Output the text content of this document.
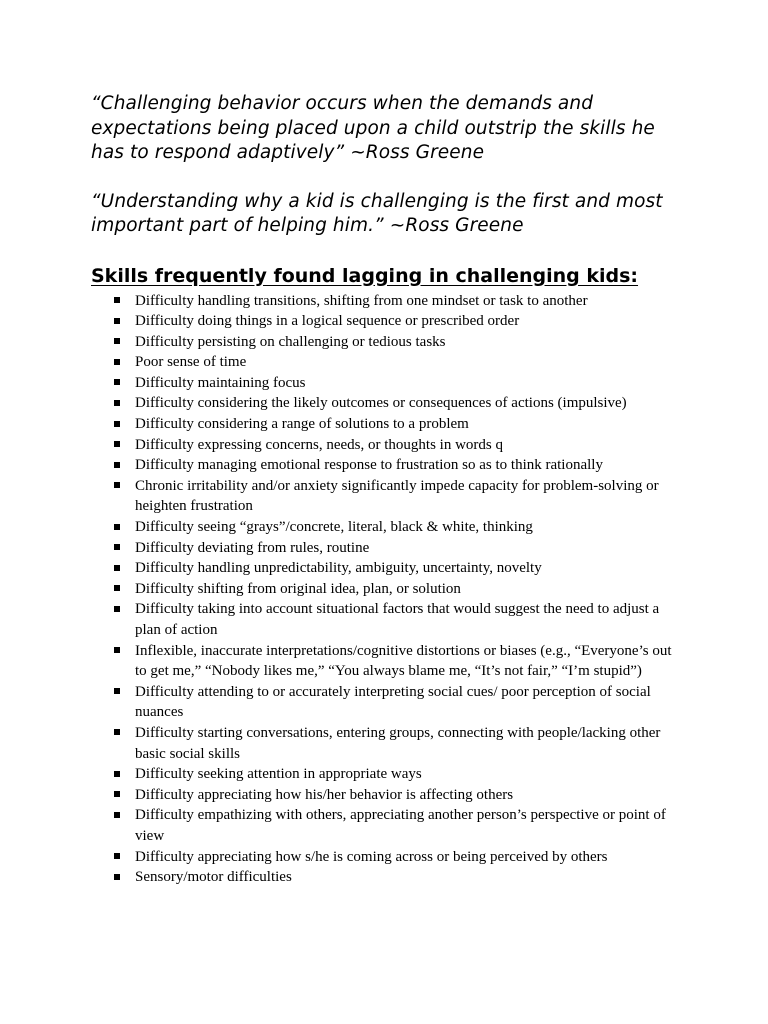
“Challenging behavior occurs when the demands and expectations being placed upon a child outstrip the skills he has to respond adaptively” ~Ross Greene

“Understanding why a kid is challenging is the first and most important part of helping him.” ~Ross Greene

Skills frequently found lagging in challenging kids:
Difficulty handling transitions, shifting from one mindset or task to another
Difficulty doing things in a logical sequence or prescribed order
Difficulty persisting on challenging or tedious tasks
Poor sense of time
Difficulty maintaining focus
Difficulty considering the likely outcomes or consequences of actions (impulsive)
Difficulty considering a range of solutions to a problem
Difficulty expressing concerns, needs, or thoughts in words q
Difficulty managing emotional response to frustration so as to think rationally
Chronic irritability and/or anxiety significantly impede capacity for problem-solving or heighten frustration
Difficulty seeing “grays”/concrete, literal, black & white, thinking
Difficulty deviating from rules, routine
Difficulty handling unpredictability, ambiguity, uncertainty, novelty
Difficulty shifting from original idea, plan, or solution
Difficulty taking into account situational factors that would suggest the need to adjust a plan of action
Inflexible, inaccurate interpretations/cognitive distortions or biases (e.g., “Everyone’s out to get me,” “Nobody likes me,” “You always blame me, “It’s not fair,” “I’m stupid”)
Difficulty attending to or accurately interpreting social cues/ poor perception of social nuances
Difficulty starting conversations, entering groups, connecting with people/lacking other basic social skills
Difficulty seeking attention in appropriate ways
Difficulty appreciating how his/her behavior is affecting others
Difficulty empathizing with others, appreciating another person’s perspective or point of view
Difficulty appreciating how s/he is coming across or being perceived by others
Sensory/motor difficulties
